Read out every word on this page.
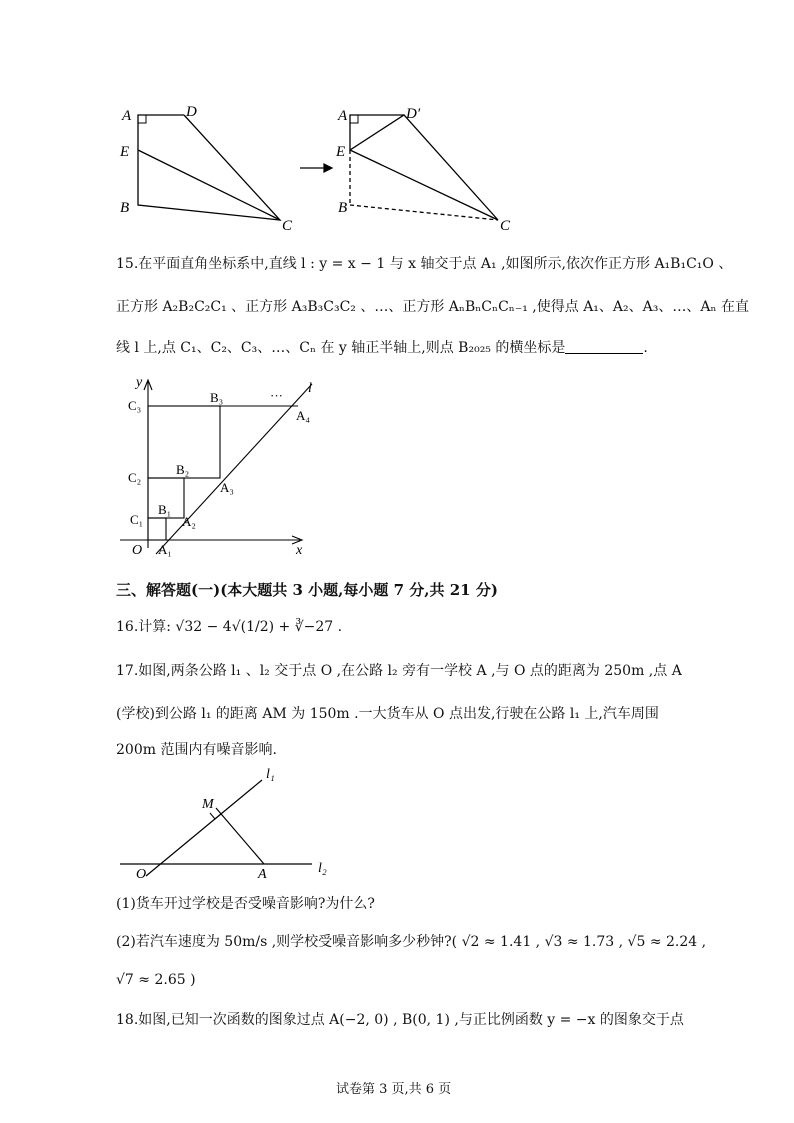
A	D
E
B
C
A	D′
E
B
C
15.在平面直角坐标系中,直线 l : y = x − 1 与 x 轴交于点 A₁ ,如图所示,依次作正方形 A₁B₁C₁O 、
正方形 A₂B₂C₂C₁ 、正方形 A₃B₃C₃C₂ 、…、正方形 AₙBₙCₙCₙ₋₁ ,使得点 A₁、A₂、A₃、…、Aₙ 在直
线 l 上,点 C₁、C₂、C₃、…、Cₙ 在 y 轴正半轴上,则点 B₂₀₂₅ 的横坐标是	.
y
x
l
···
O
C₁
C₂
C₃
B₁
B₂
B₃
A₁
A₂
A₃
A₄
三、解答题(一)(本大题共 3 小题,每小题 7 分,共 21 分)
16.计算: √32 − 4√(1/2) + ∛−27 .
17.如图,两条公路 l₁ 、l₂ 交于点 O ,在公路 l₂ 旁有一学校 A ,与 O 点的距离为 250m ,点 A
(学校)到公路 l₁ 的距离 AM 为 150m .一大货车从 O 点出发,行驶在公路 l₁ 上,汽车周围
200m 范围内有噪音影响.
l₁
l₂
M
O	A
(1)货车开过学校是否受噪音影响?为什么?
(2)若汽车速度为 50m/s ,则学校受噪音影响多少秒钟?( √2 ≈ 1.41 , √3 ≈ 1.73 , √5 ≈ 2.24 ,
√7 ≈ 2.65 )
18.如图,已知一次函数的图象过点 A(−2, 0) , B(0, 1) ,与正比例函数 y = −x 的图象交于点
试卷第 3 页,共 6 页
